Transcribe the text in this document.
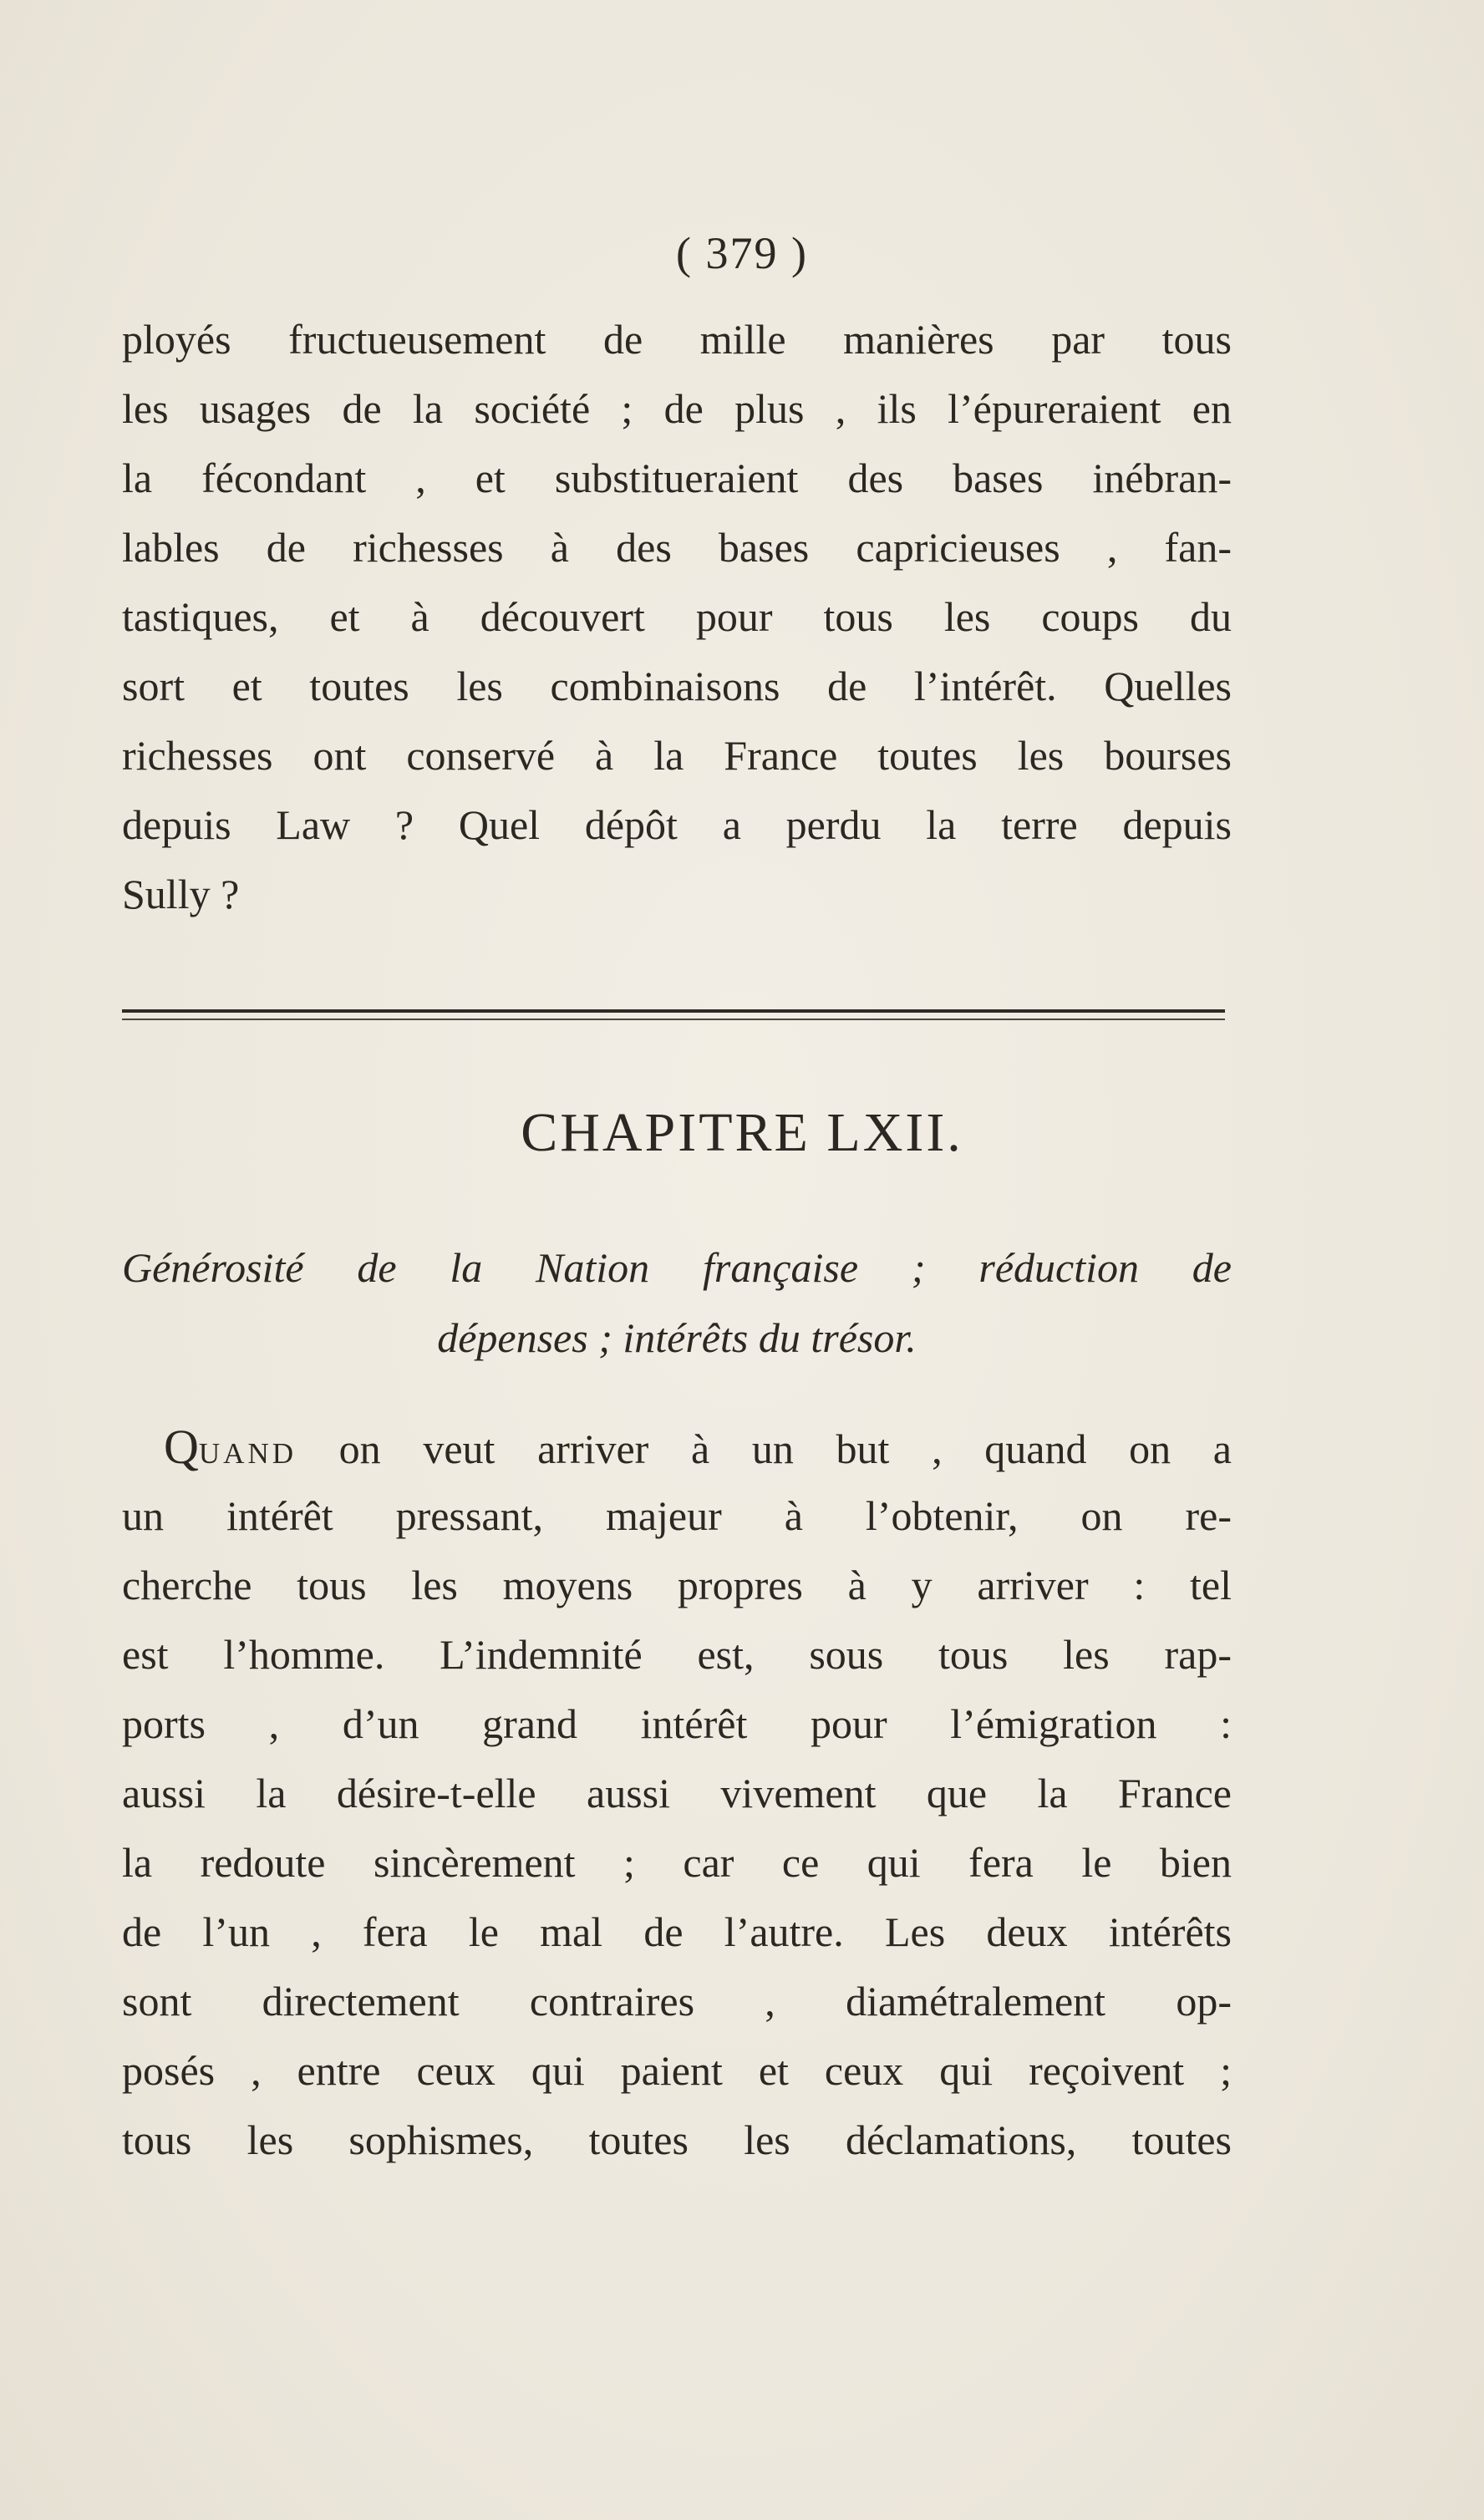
( 379 )
ployés fructueusement de mille manières par tous
les usages de la société ; de plus , ils l’épureraient en
la fécondant , et substitueraient des bases inébran-
lables de richesses à des bases capricieuses , fan-
tastiques, et à découvert pour tous les coups du
sort et toutes les combinaisons de l’intérêt. Quelles
richesses ont conservé à la France toutes les bourses
depuis Law ? Quel dépôt a perdu la terre depuis
Sully ?
CHAPITRE LXII.
Générosité de la Nation française ; réduction de
dépenses ; intérêts du trésor.
 Quand on veut arriver à un but , quand on a
un intérêt pressant, majeur à l’obtenir, on re-
cherche tous les moyens propres à y arriver : tel
est l’homme. L’indemnité est, sous tous les rap-
ports , d’un grand intérêt pour l’émigration :
aussi la désire-t-elle aussi vivement que la France
la redoute sincèrement ; car ce qui fera le bien
de l’un , fera le mal de l’autre. Les deux intérêts
sont directement contraires , diamétralement op-
posés , entre ceux qui paient et ceux qui reçoivent ;
tous les sophismes, toutes les déclamations, toutes
